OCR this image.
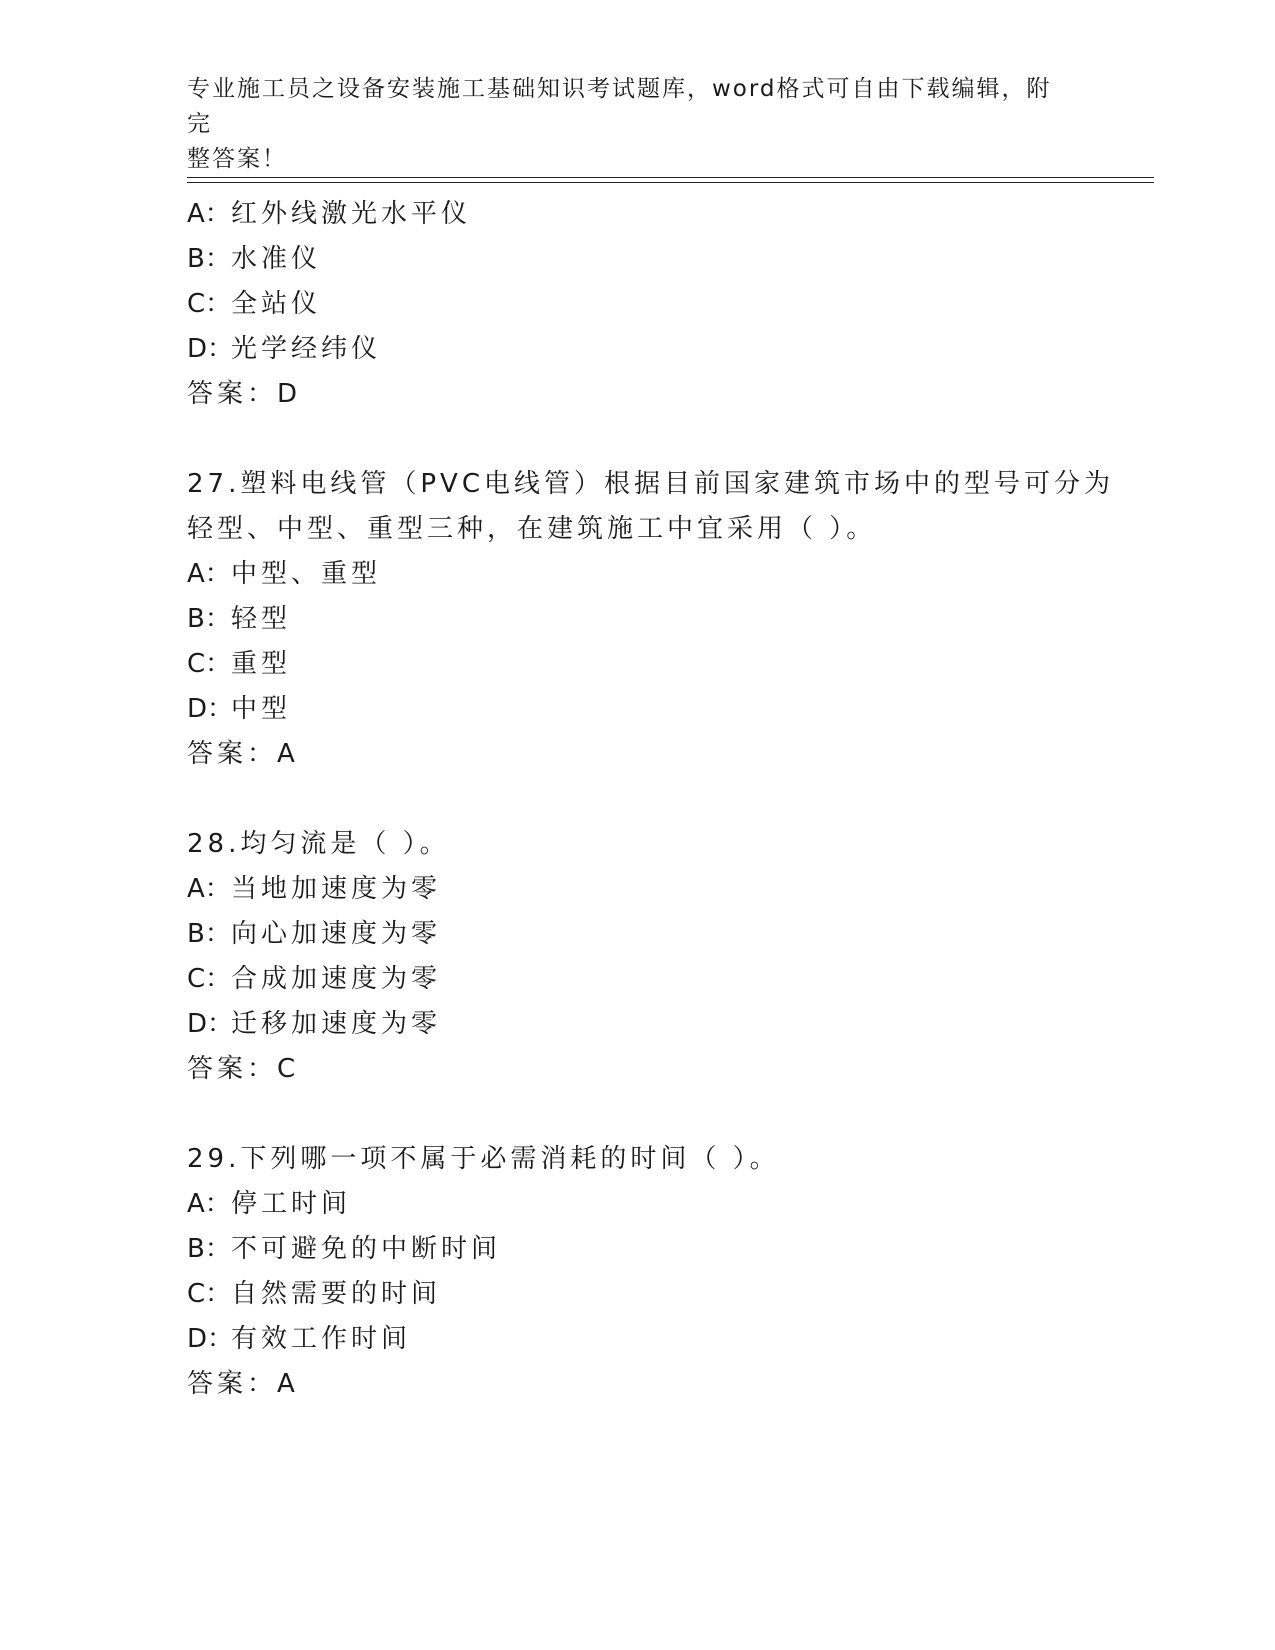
专业施工员之设备安装施工基础知识考试题库，word格式可自由下载编辑，附完
整答案！
A：红外线激光水平仪
B：水准仪
C：全站仪
D：光学经纬仪
答案：D
27.塑料电线管（PVC电线管）根据目前国家建筑市场中的型号可分为
轻型、中型、重型三种，在建筑施工中宜采用（ ）。
A：中型、重型
B：轻型
C：重型
D：中型
答案：A
28.均匀流是（ ）。
A：当地加速度为零
B：向心加速度为零
C：合成加速度为零
D：迁移加速度为零
答案：C
29.下列哪一项不属于必需消耗的时间（ ）。
A：停工时间
B：不可避免的中断时间
C：自然需要的时间
D：有效工作时间
答案：A
